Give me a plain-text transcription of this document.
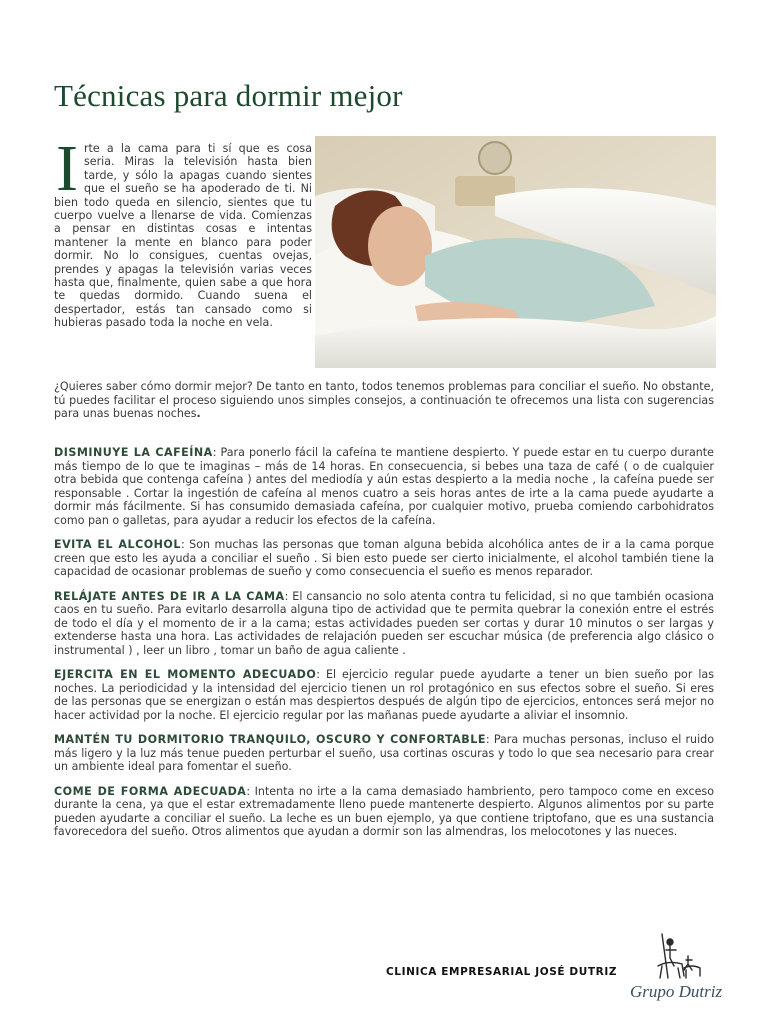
Técnicas para dormir mejor

Irte a la cama para ti sí que es cosa seria. Miras la televisión hasta bien tarde, y sólo la apagas cuando sientes que el sueño se ha apoderado de ti. Ni bien todo queda en silencio, sientes que tu cuerpo vuelve a llenarse de vida. Comienzas a pensar en distintas cosas e intentas mantener la mente en blanco para poder dormir. No lo consigues, cuentas ovejas, prendes y apagas la televisión varias veces hasta que, finalmente, quien sabe a que hora te quedas dormido. Cuando suena el despertador, estás tan cansado como si hubieras pasado toda la noche en vela.

¿Quieres saber cómo dormir mejor? De tanto en tanto, todos tenemos problemas para conciliar el sueño. No obstante, tú puedes facilitar el proceso siguiendo unos simples consejos, a continuación te ofrecemos una lista con sugerencias para unas buenas noches.

DISMINUYE LA CAFEÍNA: Para ponerlo fácil la cafeína te mantiene despierto. Y puede estar en tu cuerpo durante más tiempo de lo que te imaginas – más de 14 horas. En consecuencia, si bebes una taza de café ( o de cualquier otra bebida que contenga cafeína ) antes del mediodía y aún estas despierto a la media noche , la cafeína puede ser responsable . Cortar la ingestión de cafeína al menos cuatro a seis horas antes de irte a la cama puede ayudarte a dormir más fácilmente. Si has consumido demasiada cafeína, por cualquier motivo, prueba comiendo carbohidratos como pan o galletas, para ayudar a reducir los efectos de la cafeína.

EVITA EL ALCOHOL: Son muchas las personas que toman alguna bebida alcohólica antes de ir a la cama porque creen que esto les ayuda a conciliar el sueño . Si bien esto puede ser cierto inicialmente, el alcohol también tiene la capacidad de ocasionar problemas de sueño y como consecuencia el sueño es menos reparador.

RELÁJATE ANTES DE IR A LA CAMA: El cansancio no solo atenta contra tu felicidad, si no que también ocasiona caos en tu sueño. Para evitarlo desarrolla alguna tipo de actividad que te permita quebrar la conexión entre el estrés de todo el día y el momento de ir a la cama; estas actividades pueden ser cortas y durar 10 minutos o ser largas y extenderse hasta una hora. Las actividades de relajación pueden ser escuchar música (de preferencia algo clásico o instrumental ) , leer un libro , tomar un baño de agua caliente .

EJERCITA EN EL MOMENTO ADECUADO: El ejercicio regular puede ayudarte a tener un bien sueño por las noches. La periodicidad y la intensidad del ejercicio tienen un rol protagónico en sus efectos sobre el sueño. Si eres de las personas que se energizan o están mas despiertos después de algún tipo de ejercicios, entonces será mejor no hacer actividad por la noche. El ejercicio regular por las mañanas puede ayudarte a aliviar el insomnio.

MANTÉN TU DORMITORIO TRANQUILO, OSCURO Y CONFORTABLE: Para muchas personas, incluso el ruido más ligero y la luz más tenue pueden perturbar el sueño, usa cortinas oscuras y todo lo que sea necesario para crear un ambiente ideal para fomentar el sueño.

COME DE FORMA ADECUADA: Intenta no irte a la cama demasiado hambriento, pero tampoco come en exceso durante la cena, ya que el estar extremadamente lleno puede mantenerte despierto. Algunos alimentos por su parte pueden ayudarte a conciliar el sueño. La leche es un buen ejemplo, ya que contiene triptofano, que es una sustancia favorecedora del sueño. Otros alimentos que ayudan a dormir son las almendras, los melocotones y las nueces.

CLINICA EMPRESARIAL JOSÉ DUTRIZ
Grupo Dutriz
